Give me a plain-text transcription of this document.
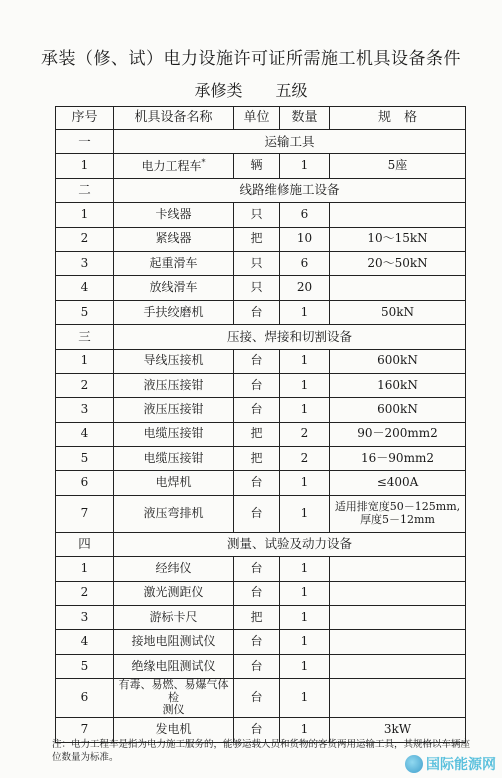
承装（修、试）电力设施许可证所需施工机具设备条件
承修类 五级
序号	机具设备名称	单位	数量	规　格
一	运输工具			
1	电力工程车*	辆	1	5座
二	线路维修施工设备			
1	卡线器	只	6	
2	紧线器	把	10	10～15kN
3	起重滑车	只	6	20～50kN
4	放线滑车	只	20	
5	手扶绞磨机	台	1	50kN
三	压接、焊接和切割设备			
1	导线压接机	台	1	600kN
2	液压压接钳	台	1	160kN
3	液压压接钳	台	1	600kN
4	电缆压接钳	把	2	90－200mm2
5	电缆压接钳	把	2	16－90mm2
6	电焊机	台	1	≤400A
7	液压弯排机	台	1	适用排宽度50－125mm,
厚度5－12mm
四	测量、试验及动力设备			
1	经纬仪	台	1	
2	激光测距仪	台	1	
3	游标卡尺	把	1	
4	接地电阻测试仪	台	1	
5	绝缘电阻测试仪	台	1	
6	有毒、易燃、易爆气体检
测仪	台	1	
7	发电机	台	1	3kW
注：电力工程车是指为电力施工服务的，能够运载人员和货物的客货两用运输工具，其规格以车辆座位数量为标准。	国际能源网
